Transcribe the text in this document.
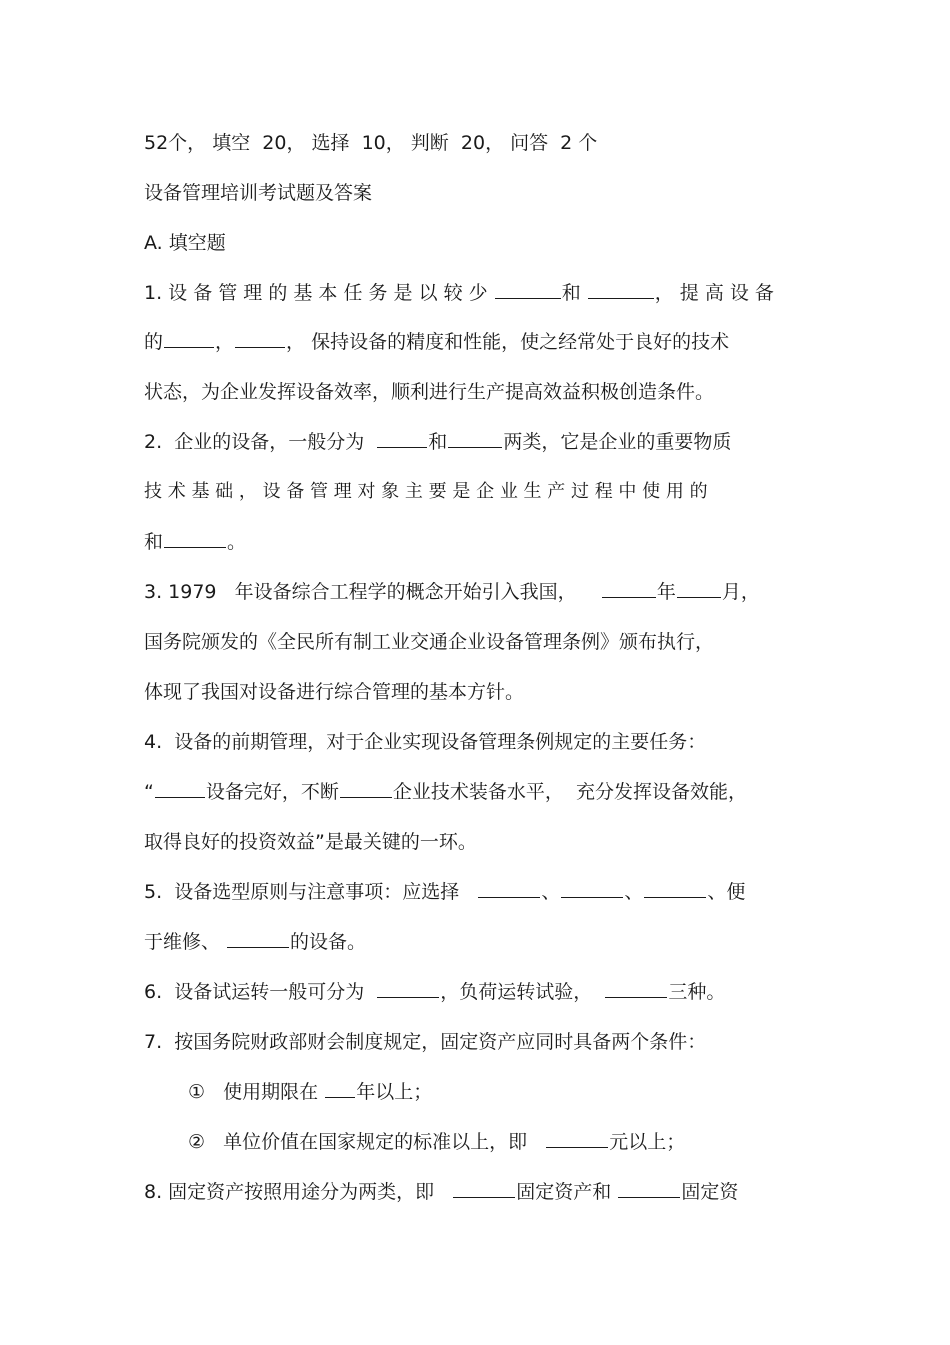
52个， 填空  20， 选择  10， 判断  20， 问答  2 个
设备管理培训考试题及答案
A. 填空题
1. 设 备 管 理 的 基 本 任 务 是 以 较 少	和	， 提 高 设 备
的	，	， 保持设备的精度和性能，使之经常处于良好的技术
状态，为企业发挥设备效率，顺利进行生产提高效益积极创造条件。
2.  企业的设备，一般分为	和	两类，它是企业的重要物质
技 术 基 础 ， 设 备 管 理 对 象 主 要 是 企 业 生 产 过 程 中 使 用 的
和	。
3. 1979   年设备综合工程学的概念开始引入我国，	年 月，
国务院颁发的《全民所有制工业交通企业设备管理条例》颁布执行，
体现了我国对设备进行综合管理的基本方针。
4.  设备的前期管理，对于企业实现设备管理条例规定的主要任务：
“	设备完好，不断	企业技术装备水平，  充分发挥设备效能，
取得良好的投资效益”是最关键的一环。
5.  设备选型原则与注意事项：应选择	、	、	、便
于维修、	的设备。
6.  设备试运转一般可分为	，负荷运转试验，	三种。
7.  按国务院财政部财会制度规定，固定资产应同时具备两个条件：
①   使用期限在 年以上；
②   单位价值在国家规定的标准以上，即	元以上；
8. 固定资产按照用途分为两类，即	固定资产和	固定资
